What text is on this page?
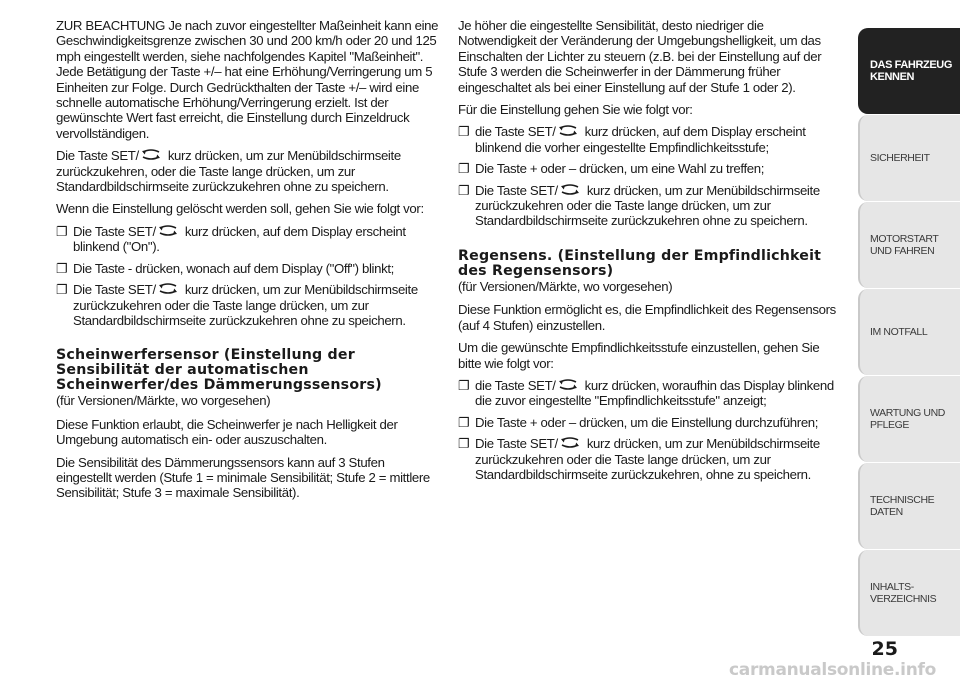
ZUR BEACHTUNG Je nach zuvor eingestellter Maßeinheit kann eine Geschwindigkeitsgrenze zwischen 30 und 200 km/h oder 20 und 125 mph eingestellt werden, siehe nachfolgendes Kapitel "Maßeinheit". Jede Betätigung der Taste +/– hat eine Erhöhung/Verringerung um 5 Einheiten zur Folge. Durch Gedrückthalten der Taste +/– wird eine schnelle automatische Erhöhung/Verringerung erzielt. Ist der gewünschte Wert fast erreicht, die Einstellung durch Einzeldruck vervollständigen.

Die Taste SET/ kurz drücken, um zur Menübildschirmseite zurückzukehren, oder die Taste lange drücken, um zur Standardbildschirmseite zurückzukehren ohne zu speichern.

Wenn die Einstellung gelöscht werden soll, gehen Sie wie folgt vor:

❐ Die Taste SET/ kurz drücken, auf dem Display erscheint blinkend ("On").
❐ Die Taste - drücken, wonach auf dem Display ("Off") blinkt;
❐ Die Taste SET/ kurz drücken, um zur Menübildschirmseite zurückzukehren oder die Taste lange drücken, um zur Standardbildschirmseite zurückzukehren ohne zu speichern.
Scheinwerfersensor (Einstellung der Sensibilität der automatischen Scheinwerfer/des Dämmerungssensors)

(für Versionen/Märkte, wo vorgesehen)

Diese Funktion erlaubt, die Scheinwerfer je nach Helligkeit der Umgebung automatisch ein- oder auszuschalten.

Die Sensibilität des Dämmerungssensors kann auf 3 Stufen eingestellt werden (Stufe 1 = minimale Sensibilität; Stufe 2 = mittlere Sensibilität; Stufe 3 = maximale Sensibilität).

Je höher die eingestellte Sensibilität, desto niedriger die Notwendigkeit der Veränderung der Umgebungshelligkeit, um das Einschalten der Lichter zu steuern (z.B. bei der Einstellung auf der Stufe 3 werden die Scheinwerfer in der Dämmerung früher eingeschaltet als bei einer Einstellung auf der Stufe 1 oder 2).

Für die Einstellung gehen Sie wie folgt vor:

❐ die Taste SET/ kurz drücken, auf dem Display erscheint blinkend die vorher eingestellte Empfindlichkeitsstufe;
❐ Die Taste + oder – drücken, um eine Wahl zu treffen;
❐ Die Taste SET/ kurz drücken, um zur Menübildschirmseite zurückzukehren oder die Taste lange drücken, um zur Standardbildschirmseite zurückzukehren ohne zu speichern.
Regensens. (Einstellung der Empfindlichkeit des Regensensors)

(für Versionen/Märkte, wo vorgesehen)

Diese Funktion ermöglicht es, die Empfindlichkeit des Regensensors (auf 4 Stufen) einzustellen.

Um die gewünschte Empfindlichkeitsstufe einzustellen, gehen Sie bitte wie folgt vor:

❐ die Taste SET/ kurz drücken, woraufhin das Display blinkend die zuvor eingestellte "Empfindlichkeitsstufe" anzeigt;
❐ Die Taste + oder – drücken, um die Einstellung durchzuführen;
❐ Die Taste SET/ kurz drücken, um zur Menübildschirmseite zurückzukehren oder die Taste lange drücken, um zur Standardbildschirmseite zurückzukehren, ohne zu speichern.
DAS FAHRZEUG KENNEN
SICHERHEIT
MOTORSTART UND FAHREN
IM NOTFALL
WARTUNG UND PFLEGE
TECHNISCHE DATEN
INHALTS-VERZEICHNIS
25
carmanualsonline.info
